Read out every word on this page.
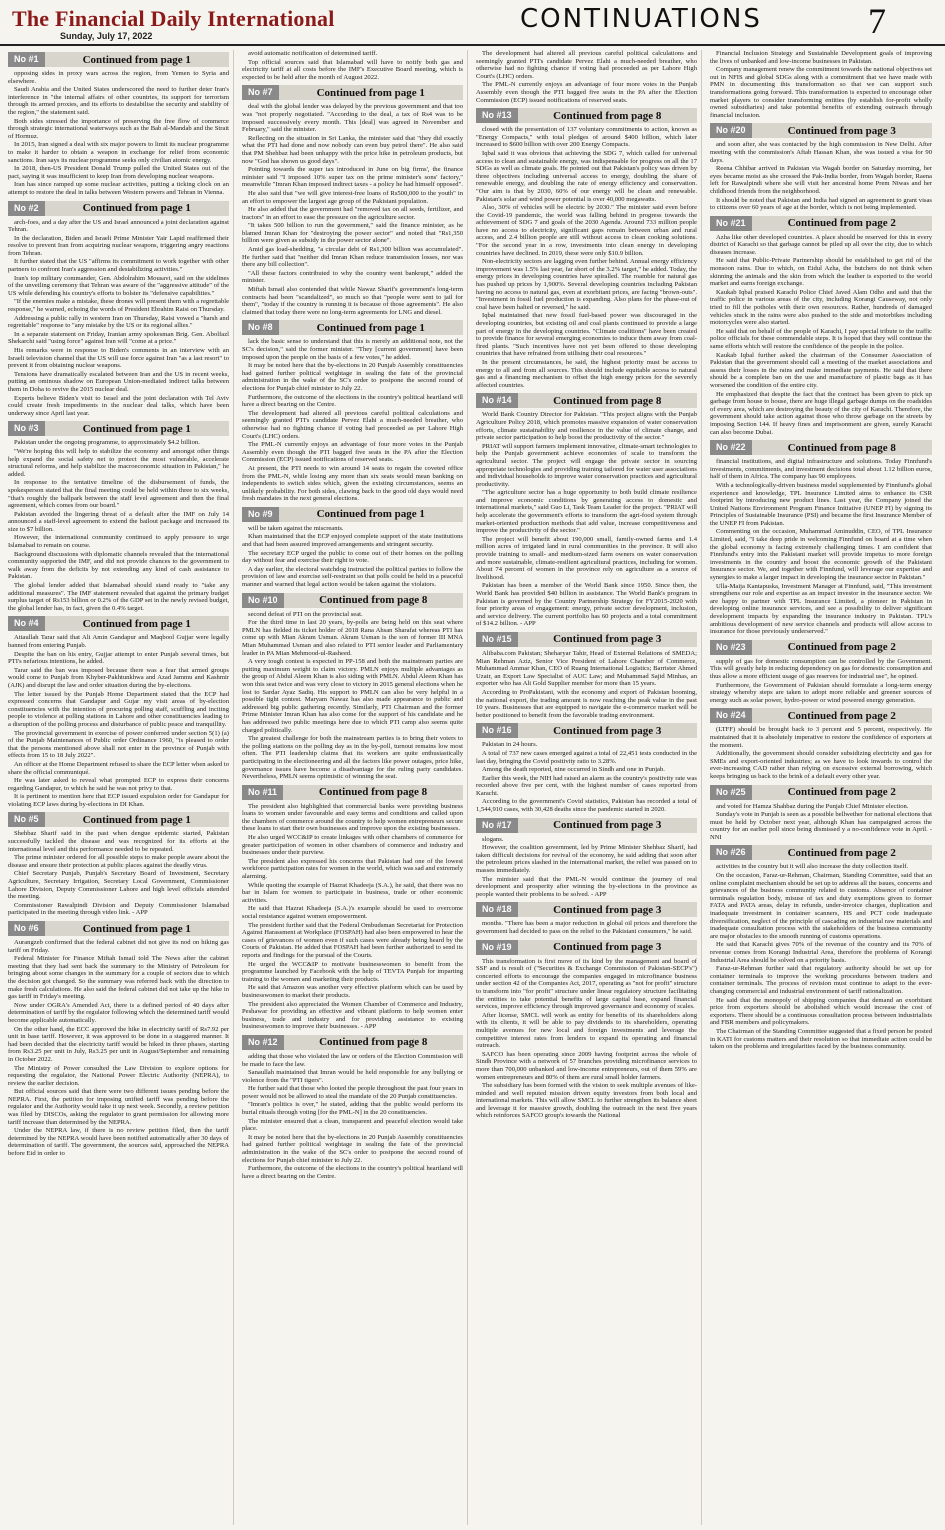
The Financial Daily International
Sunday, July 17, 2022
CONTINUATIONS	7
No #1	Continued from page 1

opposing sides in proxy wars across the region, from Yemen to Syria and elsewhere.

Saudi Arabia and the United States underscored the need to further deter Iran's interference in "the internal affairs of other countries, its support for terrorism through its armed proxies, and its efforts to destabilise the security and stability of the region," the statement said.

Both sides stressed the importance of preserving the free flow of commerce through strategic international waterways such as the Bab al-Mandab and the Strait of Hormuz.

In 2015, Iran signed a deal with six major powers to limit its nuclear programme to make it harder to obtain a weapon in exchange for relief from economic sanctions. Iran says its nuclear programme seeks only civilian atomic energy.

In 2018, then-US President Donald Trump pulled the United States out of the pact, saying it was insufficient to keep Iran from developing nuclear weapons.

Iran has since ramped up some nuclear activities, putting a ticking clock on an attempt to restore the deal in talks between Western powers and Tehran in Vienna.

No #2	Continued from page 1

arch-foes, and a day after the US and Israel announced a joint declaration against Tehran.

In the declaration, Biden and Israeli Prime Minister Yair Lapid reaffirmed their resolve to prevent Iran from acquiring nuclear weapons, triggering angry reactions from Tehran.

It further stated that the US "affirms its commitment to work together with other partners to confront Iran's aggression and destabilizing activities."

Iran's top military commander, Gen. Abdolrahim Mousavi, said on the sidelines of the unveiling ceremony that Tehran was aware of the "aggressive attitude" of the US while defending his country's efforts to bolster its "defensive capabilities."

"If the enemies make a mistake, these drones will present them with a regrettable response," he warned, echoing the words of President Ebrahim Raisi on Thursday.

Addressing a public rally in western Iran on Thursday, Raisi vowed a "harsh and regrettable" response to "any mistake by the US or its regional allies."

In a separate statement on Friday, Iranian army spokesman Brig. Gen. Abolfazl Shekarchi said "using force" against Iran will "come at a price."

His remarks were in response to Biden's comments in an interview with an Israeli television channel that the US will use force against Iran "as a last resort" to prevent it from obtaining nuclear weapons.

Tensions have dramatically escalated between Iran and the US in recent weeks, putting an ominous shadow on European Union-mediated indirect talks between them in Doha to revive the 2015 nuclear deal.

Experts believe Biden's visit to Israel and the joint declaration with Tel Aviv could create fresh impediments in the nuclear deal talks, which have been underway since April last year.

No #3	Continued from page 1

Pakistan under the ongoing programme, to approximately $4.2 billion.

"We're hoping this will help to stabilize the economy and amongst other things help expand the social safety net to protect the most vulnerable, accelerate structural reforms, and help stabilize the macroeconomic situation in Pakistan," he added.

In response to the tentative timeline of the disbursement of funds, the spokesperson stated that the final meeting could be held within three to six weeks, "that's roughly the ballpark between the staff level agreement and then the final agreement, which comes from our board."

Pakistan avoided the lingering threat of a default after the IMF on July 14 announced a staff-level agreement to extend the bailout package and increased its size to $7 billion.

However, the international community continued to apply pressure to urge Islamabad to remain on course.

Background discussions with diplomatic channels revealed that the international community supported the IMF, and did not provide chances to the government to walk away from the deficits by not extending any kind of cash assistance to Pakistan.

The global lender added that Islamabad should stand ready to "take any additional measures". The IMF statement revealed that against the primary budget surplus target of Rs153 billion or 0.2% of the GDP set in the newly revised budget, the global lender has, in fact, given the 0.4% target.

No #4	Continued from page 1

Attaullah Tarar said that Ali Amin Gandapur and Maqbool Gujjar were legally banned from entering Punjab.

Despite the ban on his entry, Gujjar attempt to enter Punjab several times, but PTI's nefarious intentions, he added.

Tarar said the ban was imposed because there was a fear that armed groups would come to Punjab from Khyber-Pakhtunkhwa and Azad Jammu and Kashmir (AJK) and disrupt the law and order situation during the by-elections.

The letter issued by the Punjab Home Department stated that the ECP had expressed concerns that Gandapur and Gujar my visit areas of by-election constituencies with the intention of procuring polling staff, scuffling and inciting people to violence at polling stations in Lahore and other constituencies leading to a disruption of the polling process and disturbance of public peace and tranquillity.

The provincial government in exercise of power conferred under section 5(1) (a) of the Punjab Maintenances of Public order Ordinance 1960, "is pleased to order that the persons mentioned above shall not enter in the province of Punjab with effects from 15 to 18 July 2022".

An officer at the Home Department refused to share the ECP letter when asked to share the official communiqué.

He was later asked to reveal what prompted ECP to express their concerns regarding Gandapur, to which he said he was not privy to that.

It is pertinent to mention here that ECP issued expulsion order for Gandapur for violating ECP laws during by-elections in DI Khan.

No #5	Continued from page 1

Shehbaz Sharif said in the past when dengue epidemic started, Pakistan successfully tackled the disease and was recognized for its efforts at the international level and this performance needed to be repeated.

The prime minister ordered for all possible steps to make people aware about the disease and ensure their protection at public places against the deadly virus.

Chief Secretary Punjab, Punjab's Secretary Board of Investment, Secretary Agriculture, Secretary Irrigation, Secretary Local Government, Commissioner Lahore Division, Deputy Commissioner Lahore and high level officials attended the meeting.

Commissioner Rawalpindi Division and Deputy Commissioner Islamabad participated in the meeting through video link. - APP

No #6	Continued from page 1

Aurangzeb confirmed that the federal cabinet did not give its nod on hiking gas tariff on Friday.

Federal Minister for Finance Miftah Ismail told The News after the cabinet meeting that they had sent back the summary to the Ministry of Petroleum for bringing about some changes in the summary for a couple of sectors due to which the decision got changed. So the summary was referred back with the direction to make fresh calculations. He also said the federal cabinet did not take up the hike in gas tariff in Friday's meeting.

Now under OGRA's Amended Act, there is a defined period of 40 days after determination of tariff by the regulator following which the determined tariff would become applicable automatically.

On the other hand, the ECC approved the hike in electricity tariff of Rs7.92 per unit in base tariff. However, it was approved to be done in a staggered manner. It had been decided that the electricity tariff would be hiked in three phases, starting from Rs3.25 per unit in July, Rs3.25 per unit in August/September and remaining in October 2022.

The Ministry of Power consulted the Law Division to explore options for requesting the regulator, the National Power Electric Authority (NEPRA), to review the earlier decision.

But official sources said that there were two different issues pending before the NEPRA. First, the petition for imposing unified tariff was pending before the regulator and the Authority would take it up next week. Secondly, a review petition was filed by DISCOs, asking the regulator to grant permission for allowing more tariff increase than determined by the NEPRA.

Under the NEPRA law, if there is no review petition filed, then the tariff determined by the NEPRA would have been notified automatically after 30 days of determination of tariff. The government, the sources said, approached the NEPRA before Eid in order to

avoid automatic notification of determined tariff.

Top official sources said that Islamabad will have to notify both gas and electricity tariff at all costs before the IMF's Executive Board meeting, which is expected to be held after the month of August 2022.

No #7	Continued from page 1

deal with the global lender was delayed by the previous government and that too was "not properly negotiated. "According to the deal, a tax of Rs4 was to be imposed successively every month. This [deal] was agreed in November and February," said the minister.

Reflecting on the situation in Sri Lanka, the minister said that "they did exactly what the PTI had done and now nobody can even buy petrol there". He also said that PM Shehbaz had been unhappy with the price hike in petroleum products, but now "God has shown us good days".

Pointing towards the super tax introduced in June on big firms', the finance minister said "I imposed 10% super tax on the prime minister's sons' factory," meanwhile "Imran Khan imposed indirect taxes - a policy he had himself opposed".

He also said that "we will give interest-free loans of Rs500,000 to the youth" in an effort to empower the largest age group of the Pakistani population.

He also added that the government had "removed tax on all seeds, fertilizer, and tractors" in an effort to ease the pressure on the agriculture sector.

"It takes 500 billion to run the government," said the finance minister, as he blamed Imran Khan for "destroying the power sector" and noted that "Rs1,350 billion were given as subsidy in the power sector alone".

Amid gas load-shedding, "a circular debt of Rs1,300 billion was accumulated". He further said that "neither did Imran Khan reduce transmission losses, nor was there any bill collection".

"All these factors contributed to why the country went bankrupt," added the minister.

Miftah Ismail also contended that while Nawaz Sharif's government's long-term contracts had been "scandalized", so much so that "people were sent to jail for them", "today if the country is running it is because of those agreements". He also claimed that today there were no long-term agreements for LNG and diesel.

No #8	Continued from page 1

lack the basic sense to understand that this is merely an additional note, not the SC's decision," said the former minister. "They [current government] have been imposed upon the people on the basis of a few votes," he added.

It may be noted here that the by-elections in 20 Punjab Assembly constituencies had gained further political weightage in sealing the fate of the provincial administration in the wake of the SC's order to postpone the second round of elections for Punjab chief minister to July 22.

Furthermore, the outcome of the elections in the country's political heartland will have a direct bearing on the Centre.

The development had altered all previous careful political calculations and seemingly granted PTI's candidate Pervez Elahi a much-needed breather, who otherwise had no fighting chance if voting had proceeded as per Lahore High Court's (LHC) orders.

The PML-N currently enjoys an advantage of four more votes in the Punjab Assembly even though the PTI bagged five seats in the PA after the Election Commission (ECP) issued notifications of reserved seats.

At present, the PTI needs to win around 14 seats to regain the coveted office from the PML-N, while losing any more than six seats would mean banking on independents to switch sides which, given the existing circumstances, seems an unlikely probability. For both sides, clawing back to the good old days would need fresh mandates in the next general elections.

No #9	Continued from page 1

will be taken against the miscreants.

Khan maintained that the ECP enjoyed complete support of the state institutions and that had been assured improved arrangements and stringent security.

The secretary ECP urged the public to come out of their homes on the polling day without fear and exercise their right to vote.

A day earlier, the electoral watchdog instructed the political parties to follow the provision of law and exercise self-restraint so that polls could be held in a peaceful manner and warned that legal action would be taken against the violators.

No #10	Continued from page 8

second defeat of PTI on the provincial seat.

For the third time in last 20 years, by-polls are being held on this seat where PMLN has fielded its ticket holder of 2018 Rana Ahsan Sharafat whereas PTI has come up with Mian Akram Usman. Akram Usman is the son of former III MNA Mian Muhammad Usman and also related to PTI senior leader and Parliamentary leader in PA Mian Mehmood-ul-Rasheed.

A very tough contest is expected in PP-158 and both the mainstream parties are putting maximum weight to claim victory. PMLN enjoys multiple advantages as the group of Abdul Aleem Khan is also siding with PMLN. Abdul Aleem Khan has won this seat twice and was very close to victory in 2015 general elections when he lost to Sardar Ayaz Sadiq. His support to PMLN can also be very helpful in a possible tight contest. Maryam Nawaz has also made appearance to public and addressed big public gathering recently. Similarly, PTI Chairman and the former Prime Minister Imran Khan has also come for the support of his candidate and he has addressed two public meetings here due to which PTI camp also seems quite charged politically.

The greatest challenge for both the mainstream parties is to bring their voters to the polling stations on the polling day as in the by-poll, turnout remains low most often. The PTI leadership claims that its workers are quite enthusiastically participating in the electioneering and all the factors like power outages, price hike, governance issues have become a disadvantage for the ruling party candidates. Nevertheless, PMLN seems optimistic of winning the seat.

No #11	Continued from page 8

The president also highlighted that commercial banks were providing business loans to women under favourable and easy terms and conditions and called upon the chambers of commerce around the country to help women entrepreneurs secure these loans to start their own businesses and improve upon the existing businesses.

He also urged WCC&IP to create linkages with other chambers of commerce for greater participation of women in other chambers of commerce and industry and businesses under their purview.

The president also expressed his concerns that Pakistan had one of the lowest workforce participation rates for women in the world, which was sad and extremely alarming.

While quoting the example of Hazrat Khadeeja (S.A.), he said, that there was no bar in Islam for women to participate in business, trade or other economic activities.

He said that Hazrat Khadeeja (S.A.)'s example should be used to overcome social resistance against women empowerment.

The president further said that the Federal Ombudsman Secretariat for Protection Against Harassment at Workplace (FOSPAH) had also been empowered to hear the cases of grievances of women even if such cases were already being heard by the Courts of Pakistan. He added that FOSPAH had been further authorized to send its reports and findings for the pursual of the Courts.

He urged the WCC&IP to motivate businesswomen to benefit from the programme launched by Facebook with the help of TEVTA Punjab for imparting training to the women and marketing their products.

He said that Amazon was another very effective platform which can be used by businesswomen to market their products.

The president also appreciated the Women Chamber of Commerce and Industry, Peshawar for providing an effective and vibrant platform to help women enter business, trade and industry and for providing assistance to existing businesswomen to improve their businesses. - APP

No #12	Continued from page 8

adding that those who violated the law or orders of the Election Commission will be made to face the law.

Sanaullah maintained that Imran would be held responsible for any bullying or violence from the "PTI tigers".

He further said that those who looted the people throughout the past four years in power would not be allowed to steal the mandate of the 20 Punjab constituencies.

"Imran's politics is over," he stated, adding that the public would perform its burial rituals through voting [for the PML-N] in the 20 constituencies.

The minister ensured that a clean, transparent and peaceful election would take place.

It may be noted here that the by-elections in 20 Punjab Assembly constituencies had gained further political weightage in sealing the fate of the provincial administration in the wake of the SC's order to postpone the second round of elections for Punjab chief minister to July 22.

Furthermore, the outcome of the elections in the country's political heartland will have a direct bearing on the Centre.

The development had altered all previous careful political calculations and seemingly granted PTI's candidate Pervez Elahi a much-needed breather, who otherwise had no fighting chance if voting had proceeded as per Lahore High Court's (LHC) orders.

The PML-N currently enjoys an advantage of four more votes in the Punjab Assembly even though the PTI bagged five seats in the PA after the Election Commission (ECP) issued notifications of reserved seats.

No #13	Continued from page 8

closed with the presentation of 137 voluntary commitments to action, known as "Energy Compacts," with total pledges of around $400 billion, which later increased to $600 billion with over 200 Energy Compacts.

Iqbal said it was obvious that achieving the SDG 7, which called for universal access to clean and sustainable energy, was indispensable for progress on all the 17 SDGs as well as climate goals. He pointed out that Pakistan's policy was driven by three objectives including universal access to energy, doubling the share of renewable energy, and doubling the rate of energy efficiency and conservation. "Our aim is that by 2030, 60% of our energy will be clean and renewable. Pakistan's solar and wind power potential is over 40,000 megawatts.

Also, 30% of vehicles will be electric by 2030." The minister said even before the Covid-19 pandemic, the world was falling behind in progress towards the achievement of SDG 7 and goals of the 2030 Agenda. Around 733 million people have no access to electricity, significant gaps remain between urban and rural access, and 2.4 billion people are still without access to clean cooking solutions. "For the second year in a row, investments into clean energy in developing countries have declined. In 2019, these were only $10.9 billion.

Non-electricity sectors are lagging even further behind. Annual energy efficiency improvement was 1.5% last year, far short of the 3.2% target," he added. Today, the energy prices in developing countries have spiralled. The roamble for natural gas has pushed up prices by 1,900%. Several developing countries including Pakistan having no access to natural gas, even at exorbitant prices, are facing "brown-outs". "Investment in fossil fuel production is expanding. Also plans for the phase-out of coal have been halted or reversed," he said.

Iqbal maintained that new fossil fuel-based power was discouraged in the developing countries, but existing oil and coal plants continued to provide a large part of energy in the developing countries. "Climate coalitions" have been created to provide finance for several emerging economies to induce them away from coal-fired plants. "Such incentives have not yet been offered to those developing countries that have refrained from utilising their coal resources."

In the present circumstances, he said, the highest priority must be access to energy to all and from all sources. This should include equitable access to natural gas and a financing mechanism to offset the high energy prices for the severely affected countries.

No #14	Continued from page 8

World Bank Country Director for Pakistan. "This project aligns with the Punjab Agriculture Policy 2018, which promotes massive expansion of water conservation efforts, climate sustainability and resilience in the value of climate change, and private sector participation to help boost the productivity of the sector."

PRIAT will support farmers implement innovative, climate-smart technologies to help the Punjab government achieve economies of scale to transform the agricultural sector. The project will engage the private sector in sourcing appropriate technologies and providing training tailored for water user associations and individual households to improve water conservation practices and agricultural productivity.

"The agriculture sector has a huge opportunity to both build climate resilience and improve economic conditions by generating access to domestic and international markets," said Guo Li, Task Team Leader for the project. "PRIAT will help accelerate the government's efforts to transform the agri-food system through market-oriented production methods that add value, increase competitiveness and improve the productivity of the sector."

The project will benefit about 190,000 small, family-owned farms and 1.4 million acres of irrigated land in rural communities in the province. It will also provide training to small- and medium-sized farm owners on water conservation and more sustainable, climate-resilient agricultural practices, including for women. About 74 percent of women in the province rely on agriculture as a source of livelihood.

Pakistan has been a member of the World Bank since 1950. Since then, the World Bank has provided $40 billion in assistance. The World Bank's program in Pakistan is governed by the Country Partnership Strategy for FY2015-2020 with four priority areas of engagement: energy, private sector development, inclusion, and service delivery. The current portfolio has 60 projects and a total commitment of $14.2 billion. - APP

No #15	Continued from page 3

Alibaba.com Pakistan; Sheharyar Tahir, Head of External Relations of SMEDA; Mian Rehman Aziz, Senior Vice President of Lahore Chamber of Commerce, Muhammad Ammar Khan, CEO of Ruang International Logistics; Barrister Ahmed Uzair, an Export Law Specialist of AUC Law; and Muhammad Sajid Minhas, an exporter who has Ali Gold Supplier member for more than 15 years.

According to ProPakistani, with the economy and export of Pakistan booming, the national export, the trading amount is now reaching the peak value in the past 10 years. Businesses that are equipped to navigate the e-commerce market will be better positioned to benefit from the favorable trading environment.

No #16	Continued from page 3

Pakistan in 24 hours.

A total of 737 new cases emerged against a total of 22,451 tests conducted in the last day, bringing the Covid positivity ratio to 3.28%.

Among the death reported, nine occurred in Sindh and one in Punjab.

Earlier this week, the NIH had raised an alarm as the country's positivity rate was recorded above five per cent, with the highest number of cases reported from Karachi.

According to the government's Covid statistics, Pakistan has recorded a total of 1,544,910 cases, with 30,428 deaths since the pandemic started in 2020.

No #17	Continued from page 3

slogans.

However, the coalition government, led by Prime Minister Shehbaz Sharif, had taken difficult decisions for revival of the economy, he said adding that soon after the petroleum prices slashed in the international market, the relief was passed on to masses immediately.

The minister said that the PML-N would continue the journey of real development and prosperity after winning the by-elections in the province as people wanted their problems to be solved. - APP

No #18	Continued from page 3

months. "There has been a major reduction in global oil prices and therefore the government had decided to pass on the relief to the Pakistani consumers," he said.

No #19	Continued from page 3

This transformation is first move of its kind by the management and board of SSF and is result of ("Securities & Exchange Commission of Pakistan-SECP's") concerted efforts to encourage the companies engaged in microfinance business under section 42 of the Companies Act, 2017, operating as "not for profit" structure to transform into "for profit" structure under linear regulatory structure facilitating the entities to take potential benefits of large capital base, expand financial services, improve efficiency through improved governance and economy of scales.

After license, SMCL will work as entity for benefits of its shareholders along with its clients, it will be able to pay dividends to its shareholders, operating multiple avenues for new local and foreign investments and leverage the competitive interest rates from lenders to expand its operating and financial outreach.

SAFCO has been operating since 2009 having footprint across the whole of Sindh Province with a network of 57 branches providing microfinance services to more than 700,000 unbanked and low-income entrepreneurs, out of them 59% are women entrepreneurs and 80% of them are rural small holder farmers.

The subsidiary has been formed with the vision to seek multiple avenues of like-minded and well reputed mission driven equity investors from both local and international markets. This will allow SMCL to further strengthen its balance sheet and leverage it for massive growth, doubling the outreach in the next five years which reinforces SAFCO group's towards the National

Financial Inclusion Strategy and Sustainable Development goals of improving the lives of unbanked and low-income businesses in Pakistan.

Company management renew the commitment towards the national objectives set out in NFIS and global SDGs along with a commitment that we have made with PMN in documenting this transformation so that we can support such transformations going forward. This transformation is expected to encourage other market players to consider transforming entities (by establish for-profit wholly owned subsidiaries) and take potential benefits of extending outreach through financial inclusion.

No #20	Continued from page 3

and soon after, she was contacted by the high commission in New Delhi. After meeting with the commission's Aftab Hassan Khan, she was issued a visa for 90 days.

Reena Chhibar arrived in Pakistan via Wagah border on Saturday morning, her eyes became moist as she crossed the Pak-India border, from Wagah border, Raena left for Rawalpindi where she will visit her ancestral home Prem Niwas and her childhood friends from the neighborhood.

It should be noted that Pakistan and India had signed an agreement to grant visas to citizens over 60 years of age at the border, which is not being implemented.

No #21	Continued from page 2

Azha like other developed countries. A place should be reserved for this in every district of Karachi so that garbage cannot be piled up all over the city, due to which diseases increase.

He said that Public-Private Partnership should be established to get rid of the monsoon rains. Due to which, on Eidul Azha, the butchers do not think when skinning the animals and the skin from which the leather is exported to the world market and earns foreign exchange.

Kaukab Iqbal praised Karachi Police Chief Javed Alam Odho and said that the traffic police in various areas of the city, including Korangi Causeway, not only tried to fill the potholes with their own resources. Rather, hundreds of damaged vehicles stuck in the rains were also pushed to the side and motorbikes including motorcycles were also started.

He said that on behalf of the people of Karachi, I pay special tribute to the traffic police officials for these commendable steps. It is hoped that they will continue the same efforts which will restore the confidence of the people in the police.

Kaukab Iqbal further asked the chairman of the Consumer Association of Pakistan that the government should call a meeting of the market associations and assess their losses in the rains and make immediate payments. He said that there should be a complete ban on the use and manufacture of plastic bags as it has worsened the condition of the entire city.

He emphasized that despite the fact that the contract has been given to pick up garbage from house to house, there are huge illegal garbage dumps on the roadsides of every area, which are destroying the beauty of the city of Karachi. Therefore, the government should take action against those who throw garbage on the streets by imposing Section 144. If heavy fines and imprisonment are given, surely Karachi can also become Dubai.

No #22	Continued from page 8

financial institutions, and digital infrastructure and solutions. Today Finnfund's investments, commitments, and investment decisions total about 1.12 billion euros, half of them in Africa. The company has 90 employees.

With a technologically-driven business model supplemented by Finnfund's global experience and knowledge, TPL Insurance Limited aims to enhance its CSR footprint by introducing new product lines. Last year, the Company joined the United Nations Environment Program Finance Initiative (UNEP FI) by signing its Principles of Sustainable Insurance (PSI) and became the first Insurance Member of the UNEP FI from Pakistan.

Commenting on the occasion, Muhammad Aminuddin, CEO, of TPL Insurance Limited, said, "I take deep pride in welcoming Finnfund on board at a time when the global economy is facing extremely challenging times. I am confident that Finnfund's entry into the Pakistani market will provide impetus to more foreign investments in the country and boost the economic growth of the Pakistani Insurance sector. We, and together with Finnfund, will leverage our expertise and synergies to make a larger impact in developing the insurance sector in Pakistan."

Ulla-Maija Kantapuska, Investment Manager at Finnfund, said, "This investment strengthens our role and expertise as an impact investor in the insurance sector. We are happy to partner with TPL Insurance Limited, a pioneer in Pakistan in developing online insurance services, and see a possibility to deliver significant development impacts by expanding the insurance industry in Pakistan. TPL's ambitious development of new service channels and products will allow access to insurance for those previously underserved."

No #23	Continued from page 2

supply of gas for domestic consumption can be controlled by the Government. This will greatly help in reducing dependency on gas for domestic consumption and thus allow a more efficient usage of gas reserves for industrial use", he opined.

Furthermore, the Government of Pakistan should formulate a long-term energy strategy whereby steps are taken to adopt more reliable and greener sources of energy such as solar power, hydro-power or wind powered energy generation.

No #24	Continued from page 2

(LTFF) should be brought back to 3 percent and 5 percent, respectively. He maintained that it is absolutely imperative to restore the confidence of exporters at the moment.

Additionally, the government should consider subsidizing electricity and gas for SMEs and export-oriented industries; as we have to look inwards to control the ever-increasing CAD rather than relying on excessive external borrowing, which keeps bringing us back to the brink of a default every other year.

No #25	Continued from page 2

and voted for Hamza Shahbaz during the Punjab Chief Minister election.

Sunday's vote in Punjab is seen as a possible bellwether for national elections that must be held by October next year, although Khan has campaigned across the country for an earlier poll since being dismissed y a no-confidence vote in April. - NNI

No #26	Continued from page 2

activities in the country but it will also increase the duty collection itself.

On the occasion, Faraz-ur-Rehman, Chairman, Standing Committee, said that an online complaint mechanism should be set up to address all the issues, concerns and grievances of the business community related to customs. Absence of container terminals regulation body, misuse of tax and duty exemptions given to former FATA and PATA areas, delay in refunds, under-invoice charges, duplication and inadequate investment in container scanners, HS and PCT code inadequate diversification, neglect of the principle of cascading on industrial raw materials and inadequate consultation process with the stakeholders of the business community are major obstacles to the smooth running of customs operations.

He said that Karachi gives 70% of the revenue of the country and its 70% of revenue comes from Korangi Industrial Area, therefore the problems of Korangi Industrial Area should be solved on a priority basis.

Faraz-ur-Rehman further said that regulatory authority should be set up for container terminals to improve the working procedures between traders and container terminals. The process of revision must continue to adapt to the ever-changing commercial and industrial environment of tariff rationalization.

He said that the monopoly of shipping companies that demand an exorbitant price from exporters should be abolished which would increase the cost of exporters. There should be a continuous consultation process between industrialists and FBR members and policymakers.

The Chairman of the Standing Committee suggested that a fixed person be posted in KATI for customs matters and their resolution so that immediate action could be taken on the problems and irregularities faced by the business community.
